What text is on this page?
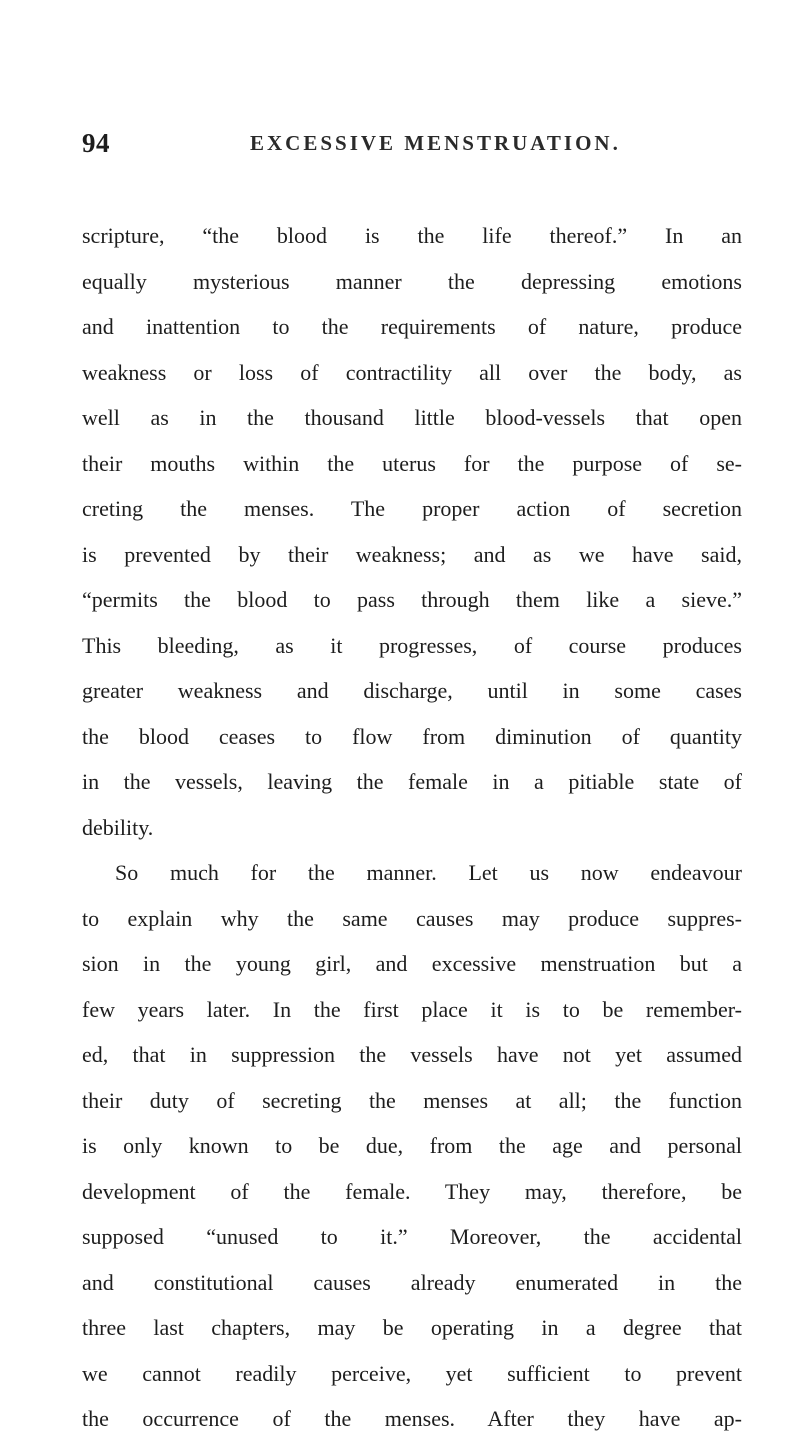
94	EXCESSIVE MENSTRUATION.
scripture, “the blood is the life thereof.” In an
equally mysterious manner the depressing emotions
and inattention to the requirements of nature, produce
weakness or loss of contractility all over the body, as
well as in the thousand little blood-vessels that open
their mouths within the uterus for the purpose of se-
creting the menses. The proper action of secretion
is prevented by their weakness; and as we have said,
“permits the blood to pass through them like a sieve.”
This bleeding, as it progresses, of course produces
greater weakness and discharge, until in some cases
the blood ceases to flow from diminution of quantity
in the vessels, leaving the female in a pitiable state of
debility.
So much for the manner. Let us now endeavour
to explain why the same causes may produce suppres-
sion in the young girl, and excessive menstruation but a
few years later. In the first place it is to be remember-
ed, that in suppression the vessels have not yet assumed
their duty of secreting the menses at all; the function
is only known to be due, from the age and personal
development of the female. They may, therefore, be
supposed “unused to it.” Moreover, the accidental
and constitutional causes already enumerated in the
three last chapters, may be operating in a degree that
we cannot readily perceive, yet sufficient to prevent
the occurrence of the menses. After they have ap-
